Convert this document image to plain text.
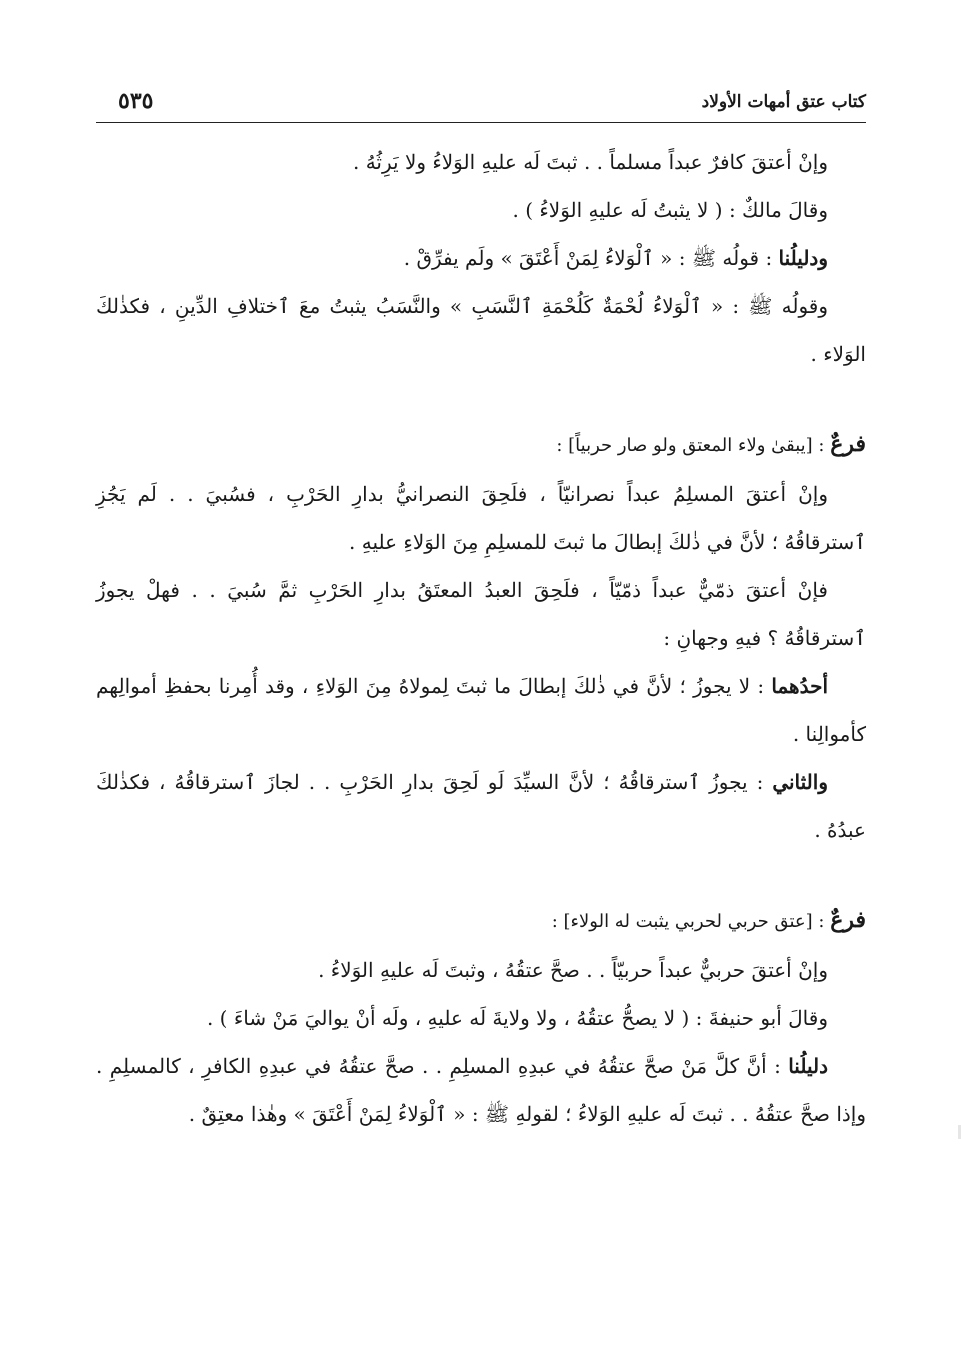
كتاب عتق أمهات الأولاد
٥٣٥

وإنْ أعتقَ كافرٌ عبداً مسلماً . . ثبتَ لَه عليهِ الوَلاءُ ولا يَرِثُهُ .

وقالَ مالكٌ : ( لا يثبتُ لَه عليهِ الوَلاءُ ) .

ودليلُنا : قولُه ﷺ : « ٱلْوَلاءُ لِمَنْ أَعْتَقَ » ولَم يفرِّقْ .

وقولُه ﷺ : « ٱلْوَلاءُ لُحْمَةٌ كَلُحْمَةِ ٱلنَّسَبِ » والنَّسَبُ يثبتُ معَ ٱختلافِ الدِّينِ ، فكذٰلكَ الوَلاء .

فرعٌ : [يبقىٰ ولاء المعتق ولو صار حربياً] :

وإنْ أعتقَ المسلِمُ عبداً نصرانيّاً ، فلَحِقَ النصرانيُّ بدارِ الحَرْبِ ، فسُبيَ . . لَم يَجُزِ ٱسترقاقُهُ ؛ لأنَّ في ذٰلكَ إبطالَ ما ثبتَ للمسلِمِ مِنَ الوَلاءِ عليهِ .

فإنْ أعتقَ ذمّيٌّ عبداً ذمّيّاً ، فلَحِقَ العبدُ المعتَقُ بدارِ الحَرْبِ ثمَّ سُبيَ . . فهلْ يجوزُ ٱسترقاقُهُ ؟ فيهِ وجهانِ :

أحدُهما : لا يجوزُ ؛ لأنَّ في ذٰلكَ إبطالَ ما ثبتَ لِمولاهُ مِنَ الوَلاءِ ، وقد أُمِرنا بحفظِ أموالِهم كأموالِنا .

والثاني : يجوزُ ٱسترقاقُهُ ؛ لأنَّ السيِّدَ لَو لَحِقَ بدارِ الحَرْبِ . . لجازَ ٱسترقاقُهُ ، فكذٰلكَ عبدُهُ .

فرعٌ : [عتق حربي لحربي يثبت له الولاء] :

وإنْ أعتقَ حربيٌّ عبداً حربيّاً . . صحَّ عتقُهُ ، وثبتَ لَه عليهِ الوَلاءُ .

وقالَ أبو حنيفةَ : ( لا يصحُّ عتقُهُ ، ولا ولايةَ لَه عليهِ ، ولَه أنْ يواليَ مَنْ شاءَ ) .

دليلُنا : أنَّ كلَّ مَنْ صحَّ عتقُهُ في عبدِهِ المسلِمِ . . صحَّ عتقُهُ في عبدِهِ الكافرِ ، كالمسلِمِ . وإذا صحَّ عتقُهُ . . ثبتَ لَه عليهِ الوَلاءُ ؛ لقولهِ ﷺ : « ٱلْوَلاءُ لِمَنْ أَعْتَقَ » وهٰذا معتِقٌ .
